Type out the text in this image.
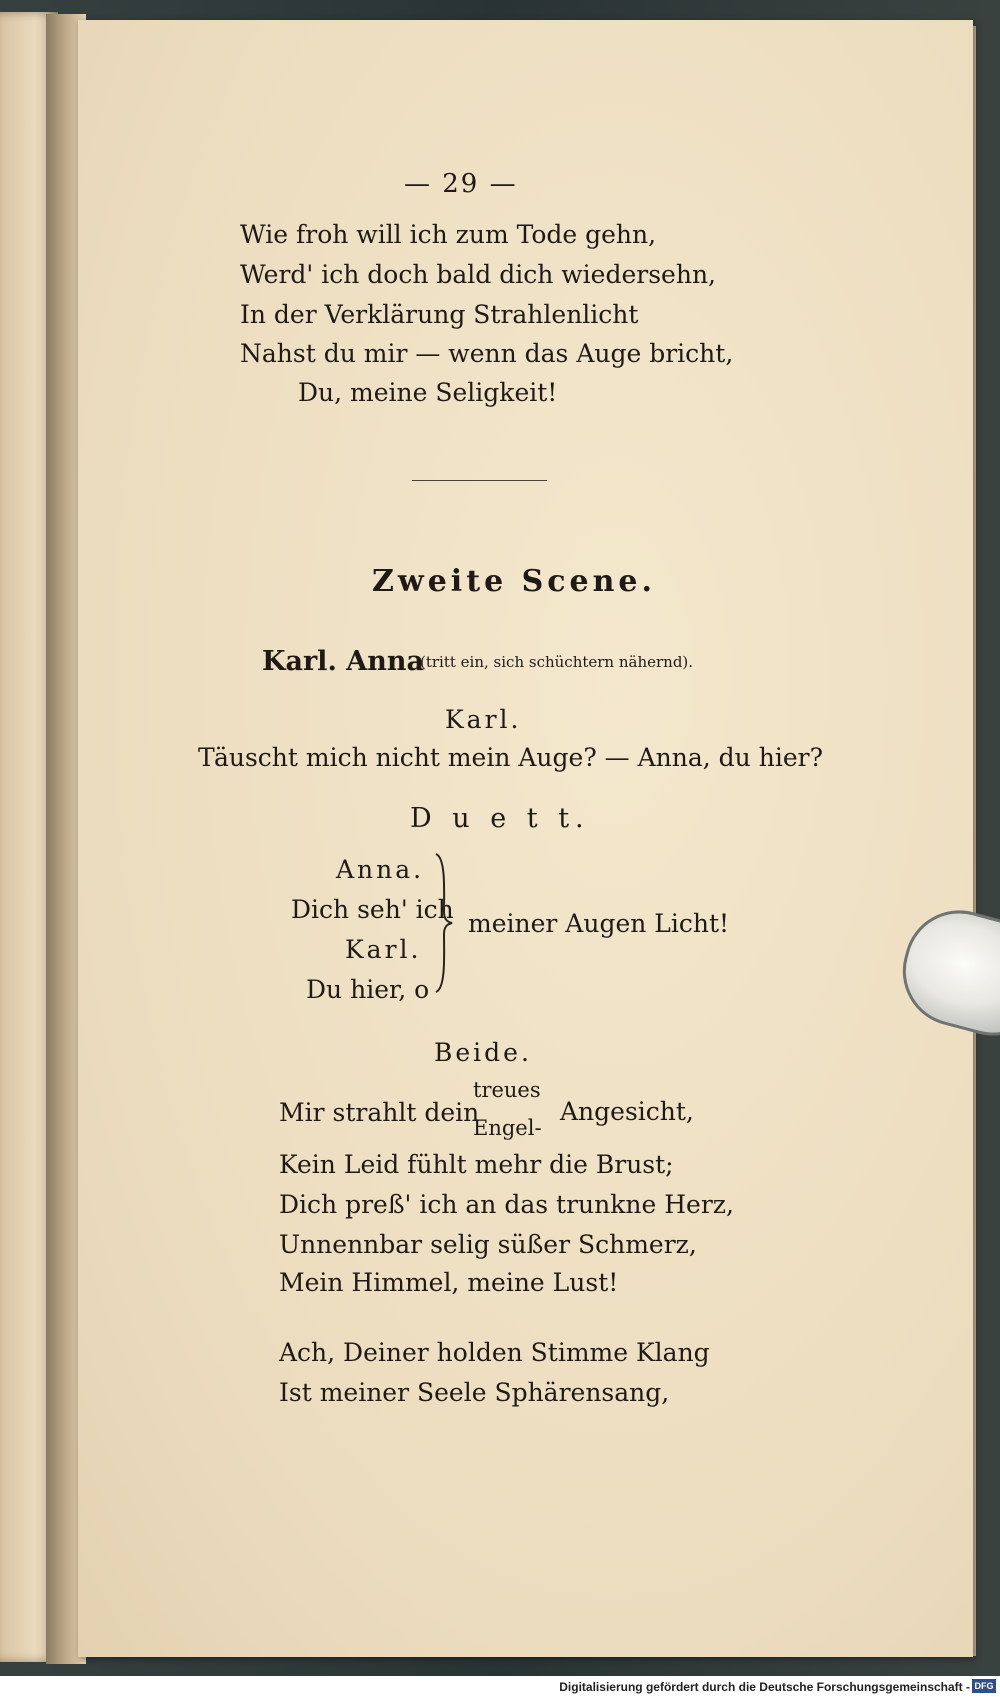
— 29 —
Wie froh will ich zum Tode gehn,
Werd' ich doch bald dich wiedersehn,
In der Verklärung Strahlenlicht
Nahst du mir — wenn das Auge bricht,
Du, meine Seligkeit!
Zweite Scene.
Karl. Anna
(tritt ein, sich schüchtern nähernd).
Karl.
Täuscht mich nicht mein Auge? — Anna, du hier?
D u e t t.
Anna.
Dich seh' ich
Karl.
Du hier, o
meiner Augen Licht!
Beide.
Mir strahlt dein
treues
Engel-
Angesicht,
Kein Leid fühlt mehr die Brust;
Dich preß' ich an das trunkne Herz,
Unnennbar selig süßer Schmerz,
Mein Himmel, meine Lust!
Ach, Deiner holden Stimme Klang
Ist meiner Seele Sphärensang,
Digitalisierung gefördert durch die Deutsche Forschungsgemeinschaft - DFG
